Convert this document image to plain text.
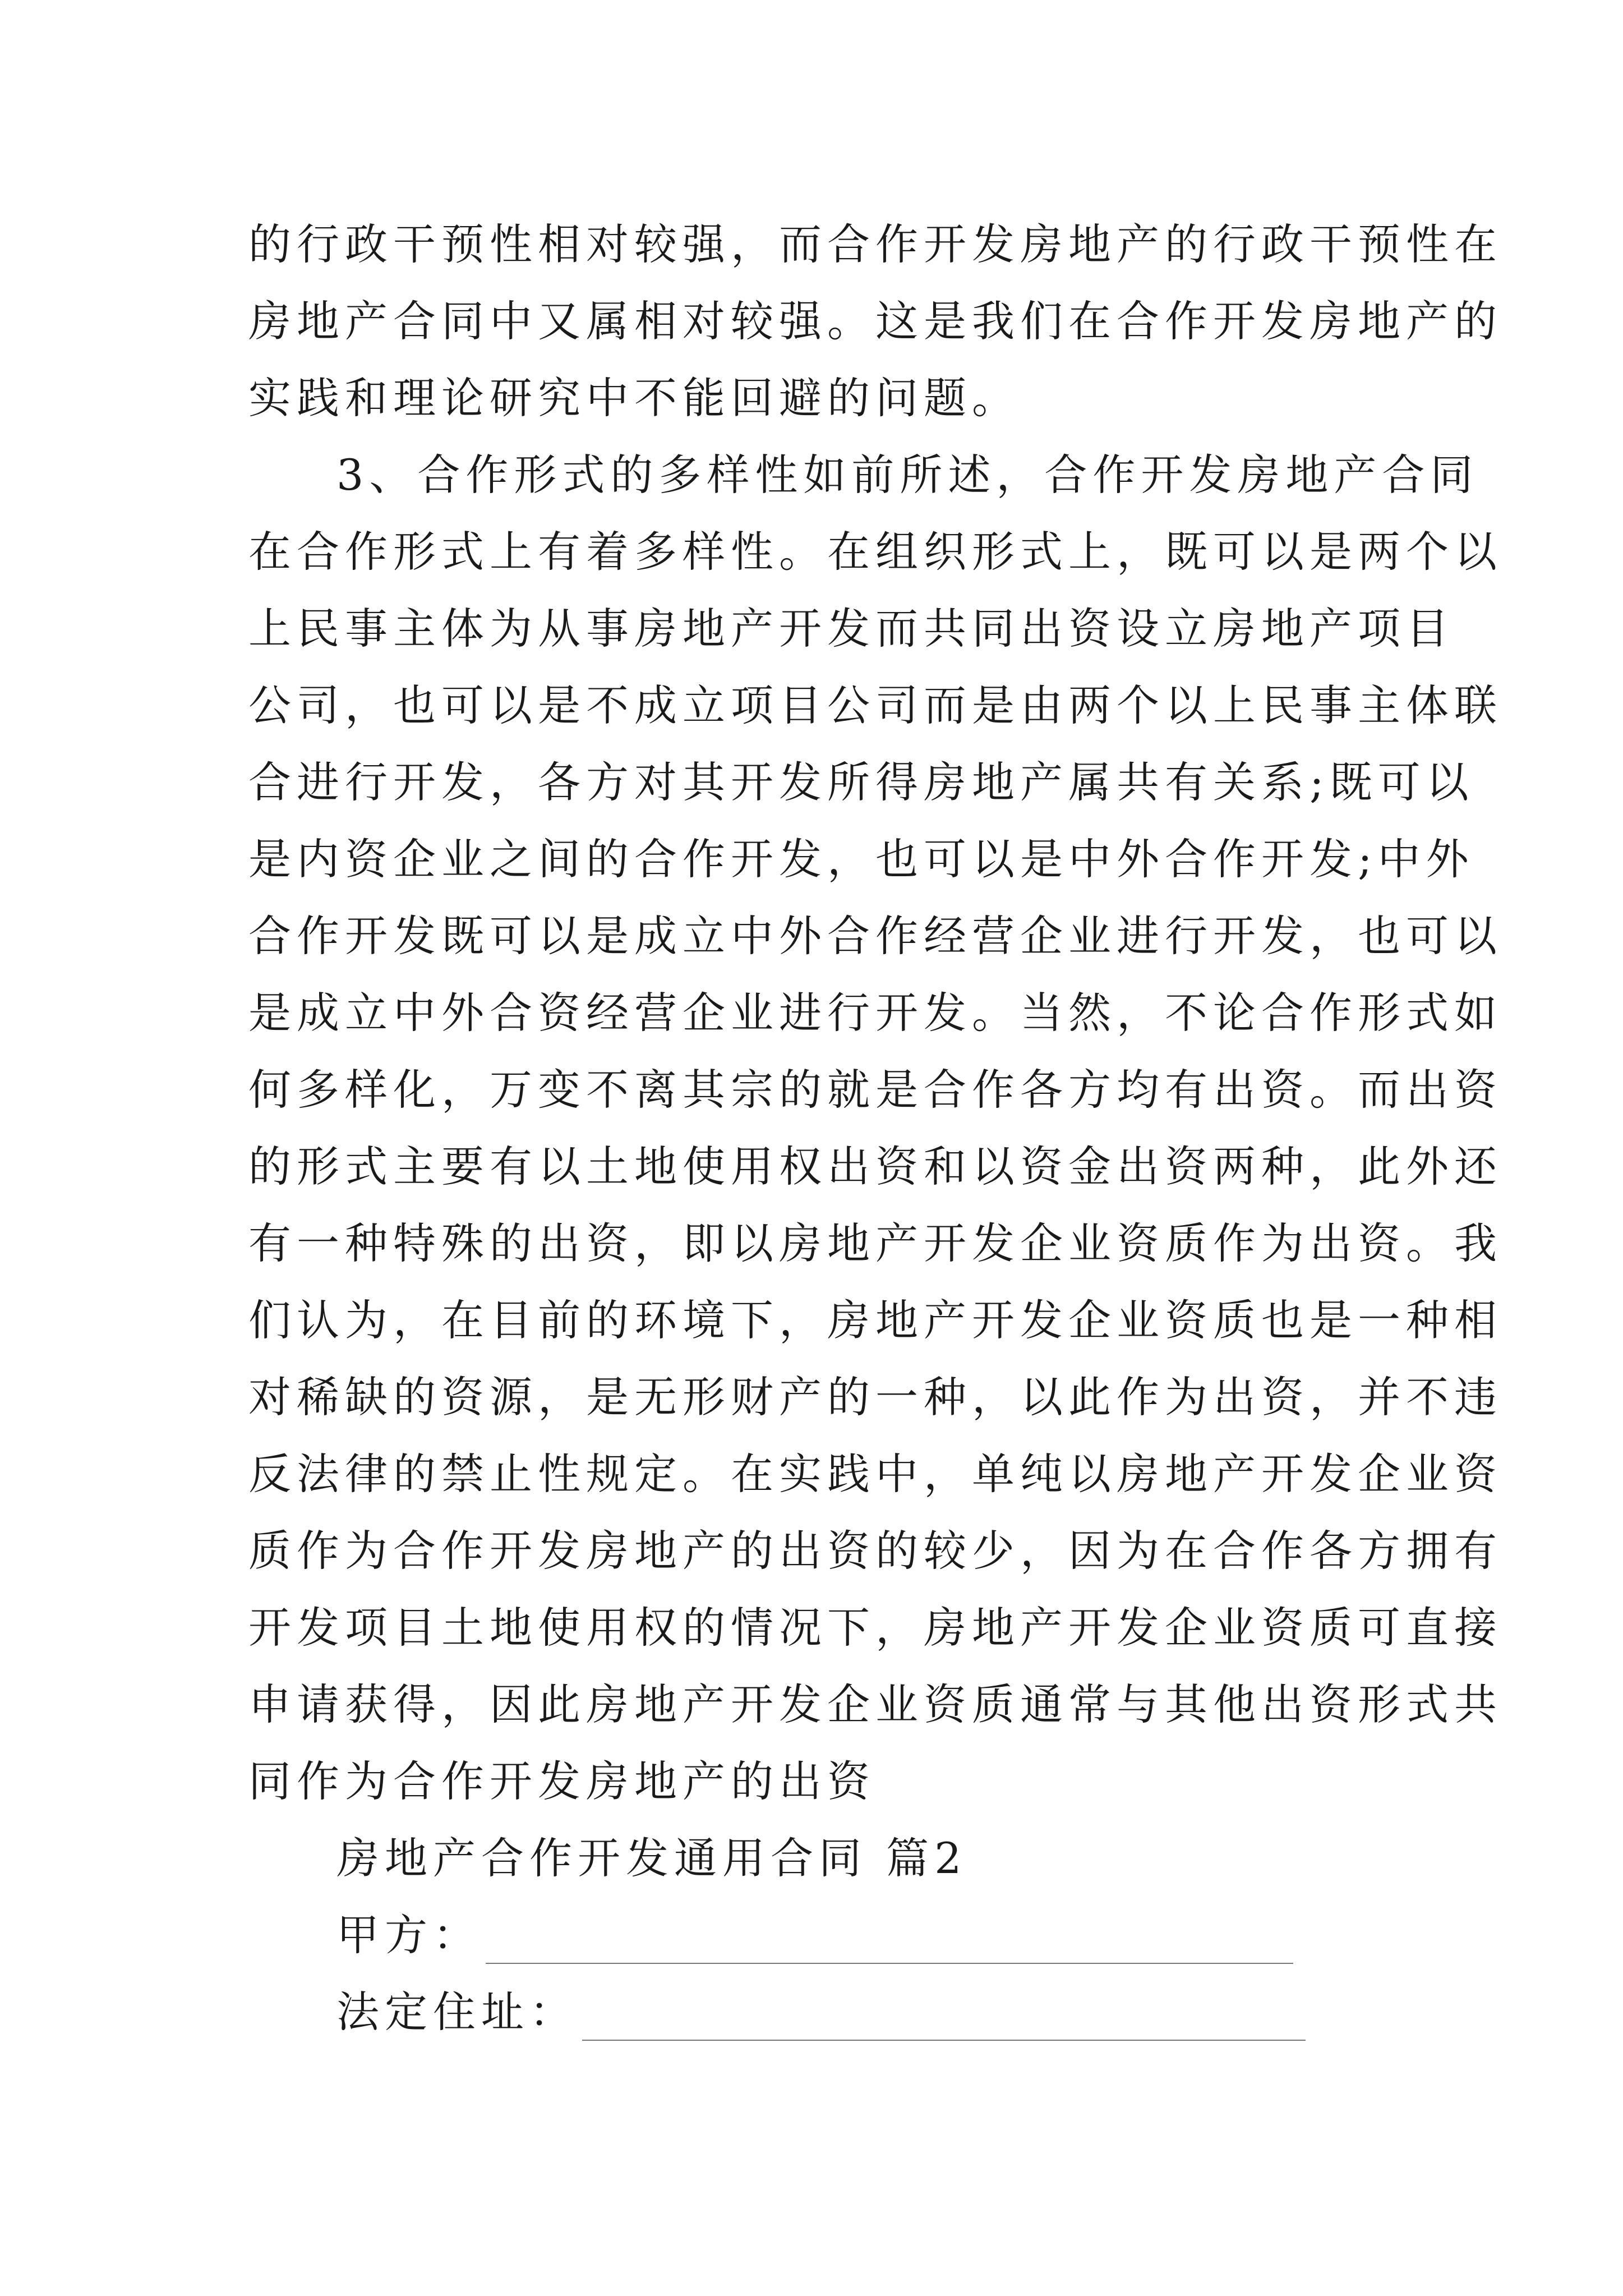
的行政干预性相对较强，而合作开发房地产的行政干预性在
房地产合同中又属相对较强。这是我们在合作开发房地产的
实践和理论研究中不能回避的问题。
3、合作形式的多样性如前所述，合作开发房地产合同
在合作形式上有着多样性。在组织形式上，既可以是两个以
上民事主体为从事房地产开发而共同出资设立房地产项目
公司，也可以是不成立项目公司而是由两个以上民事主体联
合进行开发，各方对其开发所得房地产属共有关系;既可以
是内资企业之间的合作开发，也可以是中外合作开发;中外
合作开发既可以是成立中外合作经营企业进行开发，也可以
是成立中外合资经营企业进行开发。当然，不论合作形式如
何多样化，万变不离其宗的就是合作各方均有出资。而出资
的形式主要有以土地使用权出资和以资金出资两种，此外还
有一种特殊的出资，即以房地产开发企业资质作为出资。我
们认为，在目前的环境下，房地产开发企业资质也是一种相
对稀缺的资源，是无形财产的一种，以此作为出资，并不违
反法律的禁止性规定。在实践中，单纯以房地产开发企业资
质作为合作开发房地产的出资的较少，因为在合作各方拥有
开发项目土地使用权的情况下，房地产开发企业资质可直接
申请获得，因此房地产开发企业资质通常与其他出资形式共
同作为合作开发房地产的出资
房地产合作开发通用合同 篇2
甲方：
法定住址：
